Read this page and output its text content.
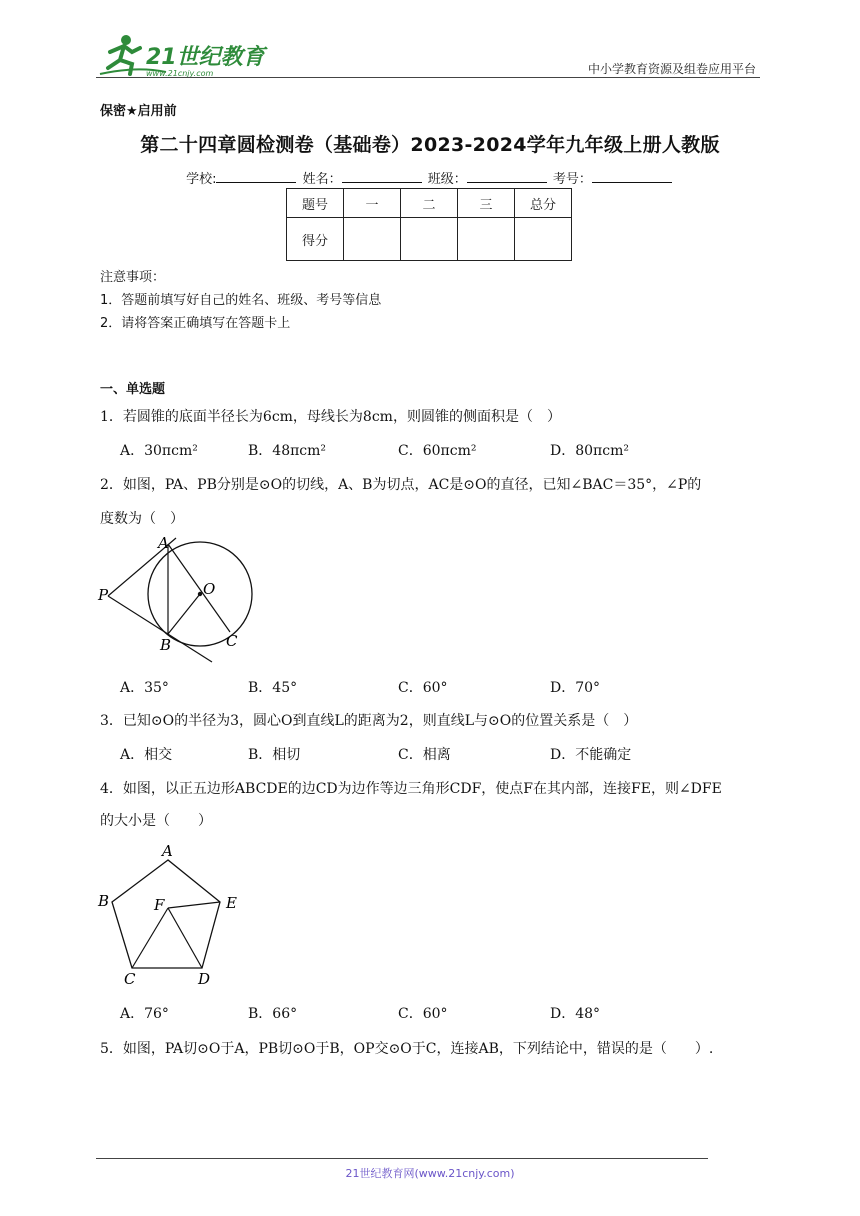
21世纪教育
www.21cnjy.com	中小学教育资源及组卷应用平台
保密★启用前
第二十四章圆检测卷（基础卷）2023-2024学年九年级上册人教版
学校:	姓名：	班级：	考号：
题号	一	二	三	总分
得分				
注意事项：
1．答题前填写好自己的姓名、班级、考号等信息
2．请将答案正确填写在答题卡上
一、单选题
1．若圆锥的底面半径长为6cm，母线长为8cm，则圆锥的侧面积是（　）
A．30πcm²	B．48πcm²	C．60πcm²	D．80πcm²
2．如图，PA、PB分别是⊙O的切线，A、B为切点，AC是⊙O的直径，已知∠BAC＝35°，∠P的
度数为（　）
A
B	C
O
P
A．35°	B．45°	C．60°	D．70°
3．已知⊙O的半径为3，圆心O到直线L的距离为2，则直线L与⊙O的位置关系是（　）
A．相交	B．相切	C．相离	D．不能确定
4．如图，以正五边形ABCDE的边CD为边作等边三角形CDF，使点F在其内部，连接FE，则∠DFE
的大小是（　　）
A
B
C	D
E
F
A．76°	B．66°	C．60°	D．48°
5．如图，PA切⊙O于A，PB切⊙O于B，OP交⊙O于C，连接AB，下列结论中，错误的是（　　）.
21世纪教育网(www.21cnjy.com)
